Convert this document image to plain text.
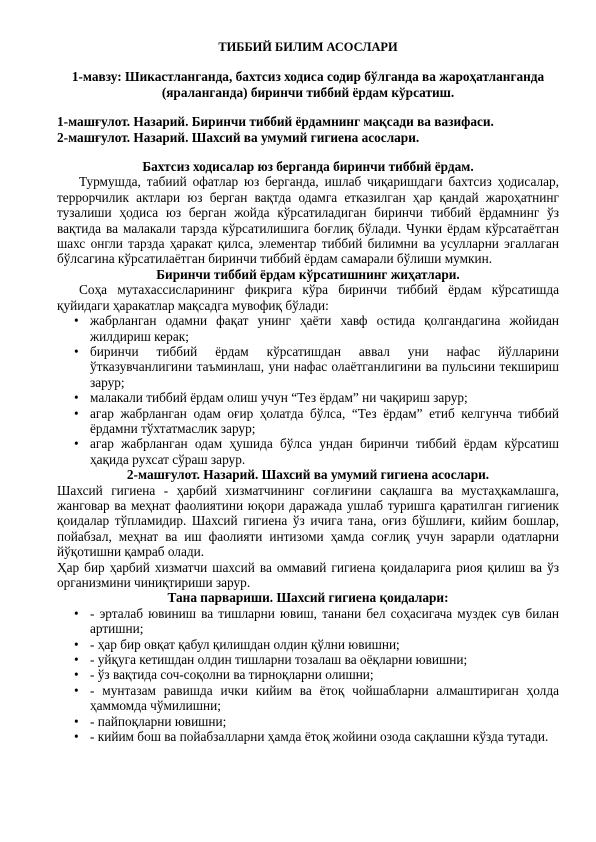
ТИББИЙ БИЛИМ АСОСЛАРИ

1-мавзу: Шикастланганда, бахтсиз ходиса содир бўлганда ва жароҳатланганда (яралангандa) биринчи тиббий ёрдам кўрсатиш.

1-машғулот. Назарий. Биринчи тиббий ёрдамнинг мақсади ва вазифаси.

2-машғулот. Назарий. Шахсий ва умумий гигиена асослари.

Бахтсиз ходисалар юз берганда биринчи тиббий ёрдам.

Турмушда, табиий офатлар юз берганда, ишлаб чиқаришдаги бахтсиз ҳодисалар, террорчилик актлари юз берган вақтда одамга етказилган ҳар қандай жароҳатнинг тузалиши ҳодиса юз берган жойда кўрсатиладиган биринчи тиббий ёрдамнинг ўз вақтида ва малакали тарзда кўрсатилишига боғлиқ бўлади. Чунки ёрдам кўрсатаётган шахс онгли тарзда ҳаракат қилса, элементар тиббий билимни ва усулларни эгаллаган бўлсагина кўрсатилаётган биринчи тиббий ёрдам самарали бўлиши мумкин.

Биринчи тиббий ёрдам кўрсатишнинг жиҳатлари.

Соҳа мутахассисларининг фикрига кўра биринчи тиббий ёрдам кўрсатишда қуйидаги ҳаракатлар мақсадга мувофиқ бўлади:

• жабрланган одамни фақат унинг ҳаёти хавф остида қолгандагина жойидан жилдириш керак;
• биринчи тиббий ёрдам кўрсатишдан аввал уни нафас йўлларини ўтказувчанлигини таъминлаш, уни нафас олаётганлигини ва пульсини текшириш зарур;
• малакали тиббий ёрдам олиш учун “Тез ёрдам” ни чақириш зарур;
• агар жабрланган одам оғир ҳолатда бўлса, “Тез ёрдам” етиб келгунча тиббий ёрдамни тўхтатмаслик зарур;
• агар жабрланган одам ҳушида бўлса ундан биринчи тиббий ёрдам кўрсатиш ҳақида рухсат сўраш зарур.

2-машғулот. Назарий. Шахсий ва умумий гигиена асослари.

Шахсий гигиена - ҳарбий хизматчининг соғлиғини сақлашга ва мустаҳкамлашга, жанговар ва меҳнат фаолиятини юқори даражада ушлаб туришга қаратилган гигиеник қоидалар тўпламидир. Шахсий гигиена ўз ичига тана, оғиз бўшлиғи, кийим бошлар, пойабзал, меҳнат ва иш фаолияти интизоми ҳамда соғлиқ учун зарарли одатларни йўқотишни қамраб олади.

Ҳар бир ҳарбий хизматчи шахсий ва оммавий гигиена қоидаларига риоя қилиш ва ўз организмини чиниқтириши зарур.

Тана парвариши. Шахсий гигиена қоидалари:

• - эрталаб ювиниш ва тишларни ювиш, танани бел соҳасигача муздек сув билан артишни;
• - ҳар бир овқат қабул қилишдан олдин қўлни ювишни;
• - уйқуга кетишдан олдин тишларни тозалаш ва оёқларни ювишни;
• - ўз вақтида соч-соқолни ва тирноқларни олишни;
• - мунтазам равишда ички кийим ва ётоқ чойшабларни алмаштириган ҳолда ҳаммомда чўмилишни;
• - пайпоқларни ювишни;
• - кийим бош ва пойабзалларни ҳамда ётоқ жойини озода сақлашни кўзда тутади.
